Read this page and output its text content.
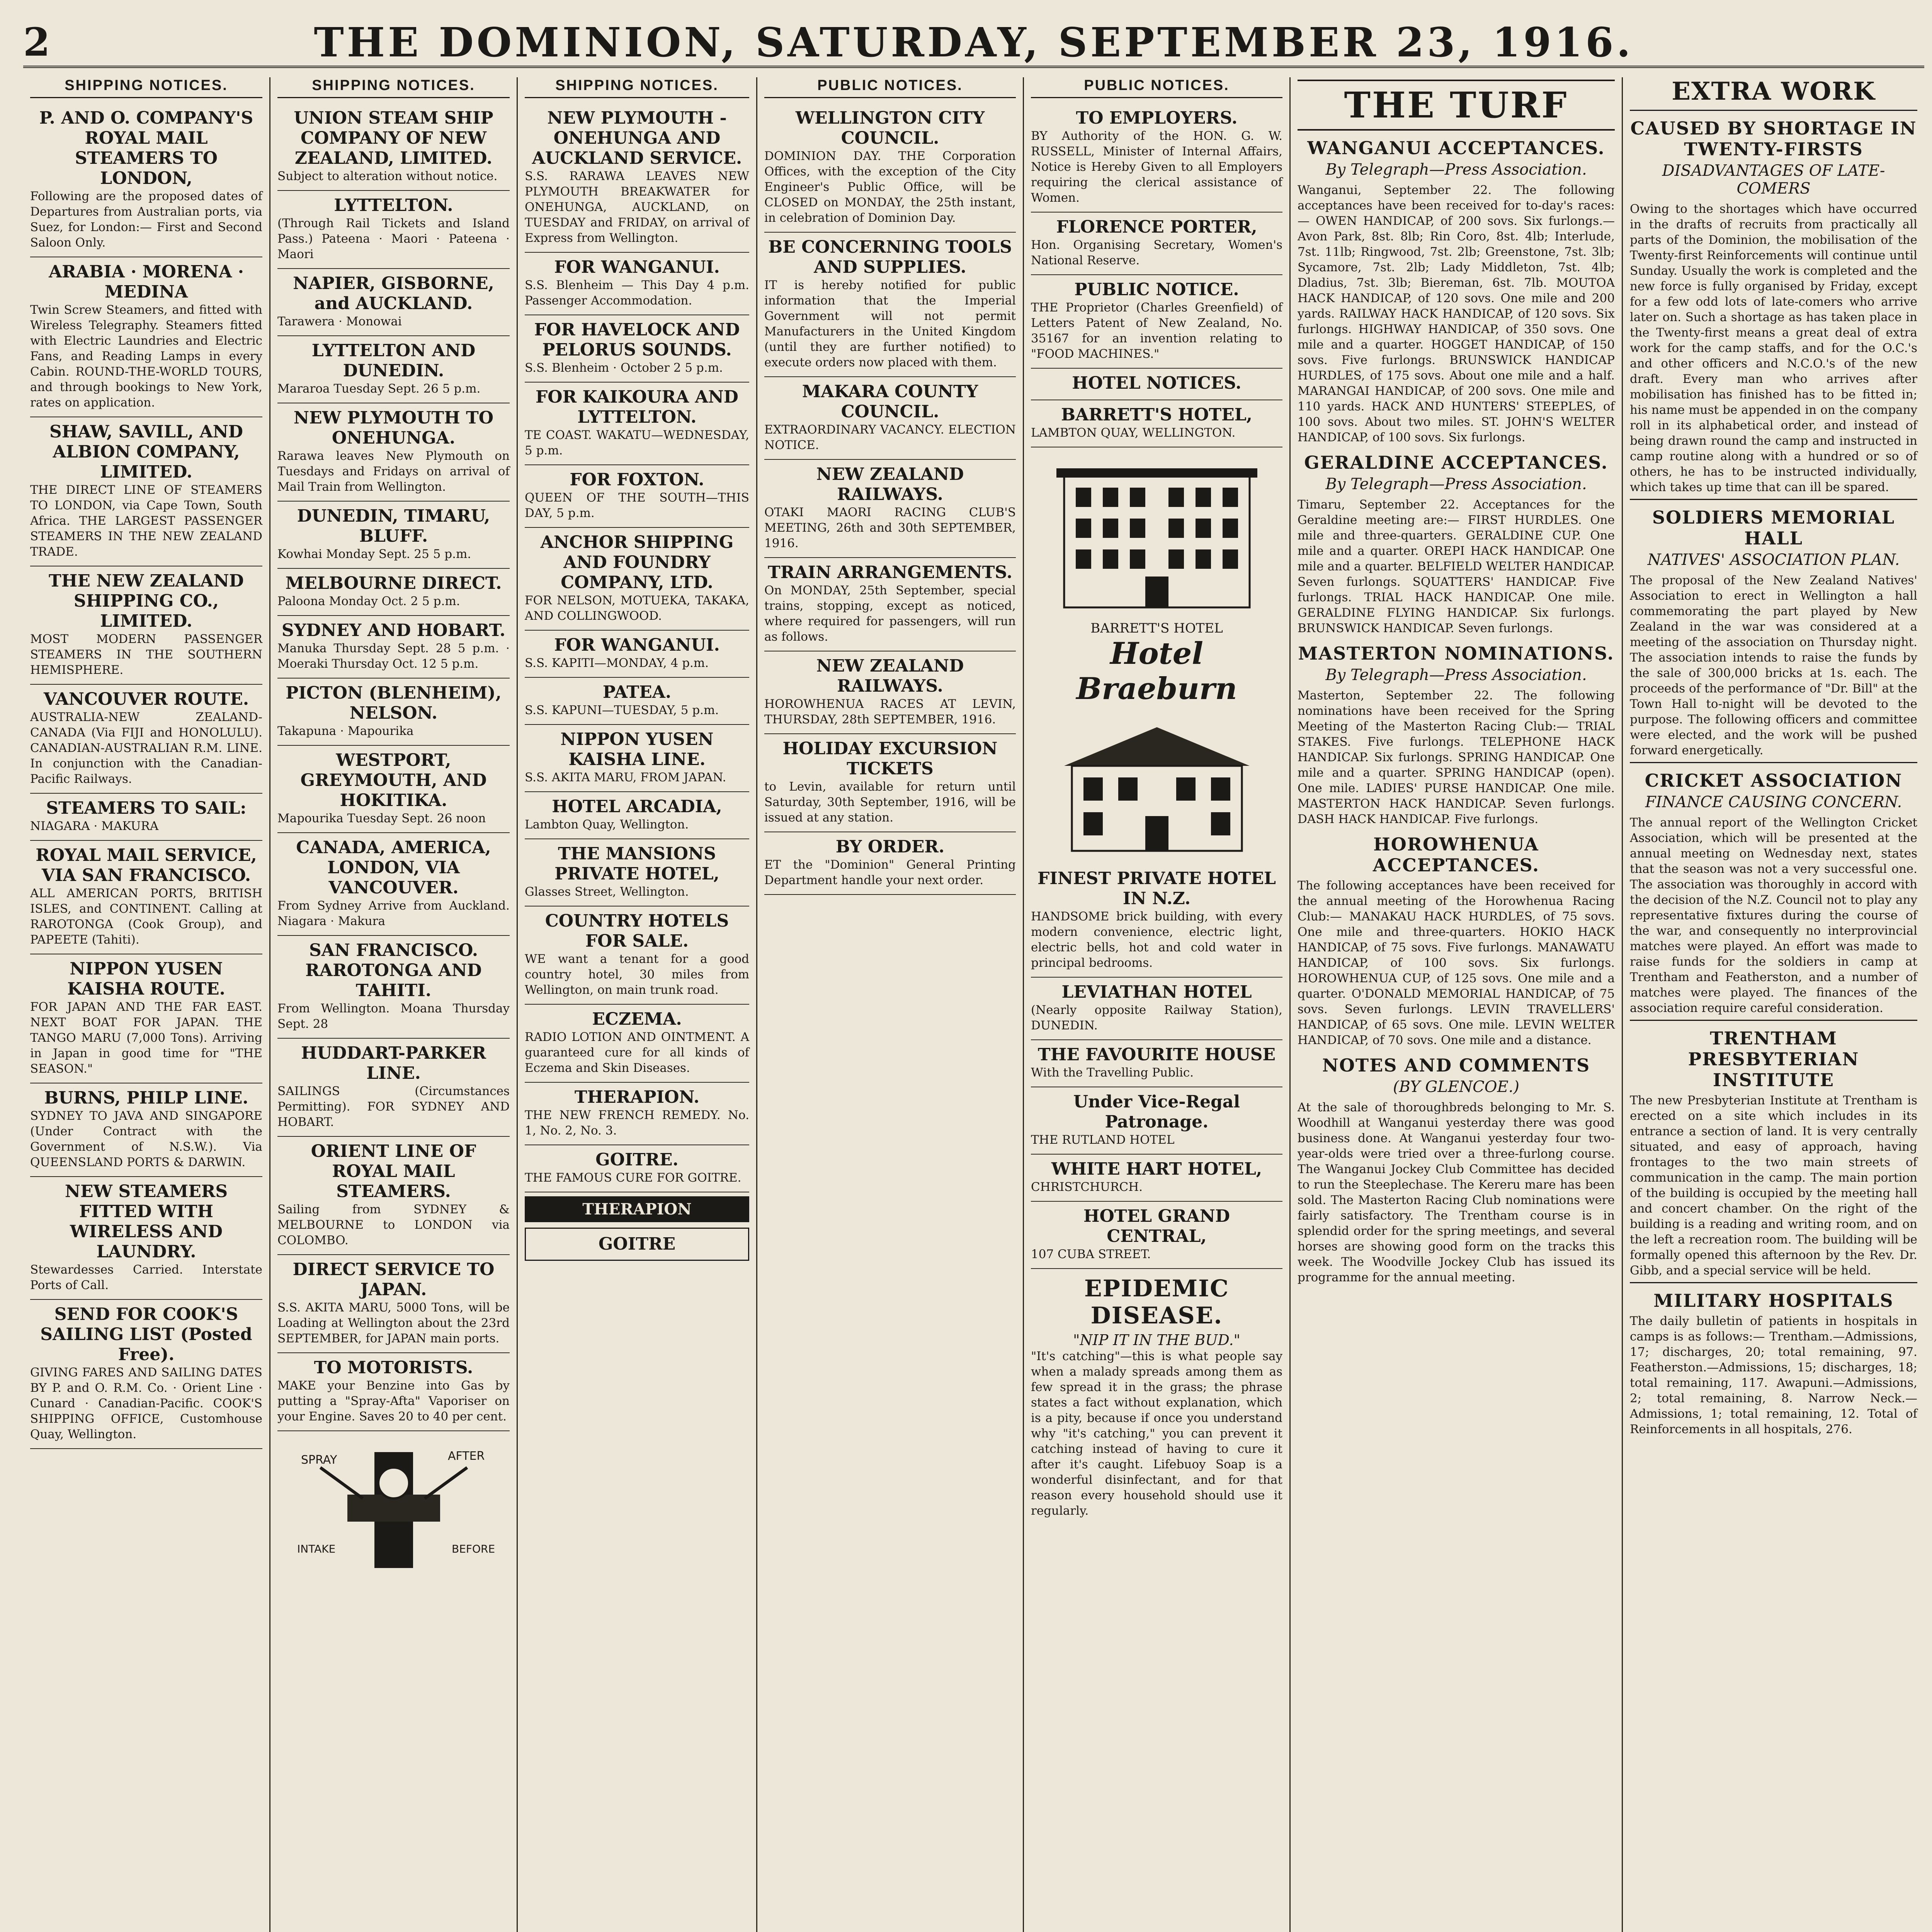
2	THE DOMINION, SATURDAY, SEPTEMBER 23, 1916.
SHIPPING NOTICES.
P. AND O. COMPANY'S ROYAL MAIL STEAMERS TO LONDON,
Following are the proposed dates of Departures from Australian ports, via Suez, for London:— First and Second Saloon Only.
ARABIA · MORENA · MEDINA
Twin Screw Steamers, and fitted with Wireless Telegraphy. Steamers fitted with Electric Laundries and Electric Fans, and Reading Lamps in every Cabin. ROUND-THE-WORLD TOURS, and through bookings to New York, rates on application.
SHAW, SAVILL, AND ALBION COMPANY, LIMITED.
THE DIRECT LINE OF STEAMERS TO LONDON, via Cape Town, South Africa. THE LARGEST PASSENGER STEAMERS IN THE NEW ZEALAND TRADE.
THE NEW ZEALAND SHIPPING CO., LIMITED.
MOST MODERN PASSENGER STEAMERS IN THE SOUTHERN HEMISPHERE.
VANCOUVER ROUTE.
AUSTRALIA-NEW ZEALAND-CANADA (Via FIJI and HONOLULU). CANADIAN-AUSTRALIAN R.M. LINE. In conjunction with the Canadian-Pacific Railways.
STEAMERS TO SAIL:
NIAGARA · MAKURA
ROYAL MAIL SERVICE, VIA SAN FRANCISCO.
ALL AMERICAN PORTS, BRITISH ISLES, and CONTINENT. Calling at RAROTONGA (Cook Group), and PAPEETE (Tahiti).
NIPPON YUSEN KAISHA ROUTE.
FOR JAPAN AND THE FAR EAST. NEXT BOAT FOR JAPAN. THE TANGO MARU (7,000 Tons). Arriving in Japan in good time for "THE SEASON."
BURNS, PHILP LINE.
SYDNEY TO JAVA AND SINGAPORE (Under Contract with the Government of N.S.W.). Via QUEENSLAND PORTS & DARWIN.
NEW STEAMERS FITTED WITH WIRELESS AND LAUNDRY.
Stewardesses Carried. Interstate Ports of Call.
SEND FOR COOK'S SAILING LIST (Posted Free).
GIVING FARES AND SAILING DATES BY P. and O. R.M. Co. · Orient Line · Cunard · Canadian-Pacific. COOK'S SHIPPING OFFICE, Customhouse Quay, Wellington.
SHIPPING NOTICES.
UNION STEAM SHIP COMPANY OF NEW ZEALAND, LIMITED.
Subject to alteration without notice.
LYTTELTON.
(Through Rail Tickets and Island Pass.) Pateena · Maori · Pateena · Maori
NAPIER, GISBORNE, and AUCKLAND.
Tarawera · Monowai
LYTTELTON AND DUNEDIN.
Mararoa Tuesday Sept. 26 5 p.m.
NEW PLYMOUTH TO ONEHUNGA.
Rarawa leaves New Plymouth on Tuesdays and Fridays on arrival of Mail Train from Wellington.
DUNEDIN, TIMARU, BLUFF.
Kowhai Monday Sept. 25 5 p.m.
MELBOURNE DIRECT.
Paloona Monday Oct. 2 5 p.m.
SYDNEY AND HOBART.
Manuka Thursday Sept. 28 5 p.m. · Moeraki Thursday Oct. 12 5 p.m.
PICTON (BLENHEIM), NELSON.
Takapuna · Mapourika
WESTPORT, GREYMOUTH, AND HOKITIKA.
Mapourika Tuesday Sept. 26 noon
CANADA, AMERICA, LONDON, VIA VANCOUVER.
From Sydney Arrive from Auckland. Niagara · Makura
SAN FRANCISCO. RAROTONGA AND TAHITI.
From Wellington. Moana Thursday Sept. 28
HUDDART-PARKER LINE.
SAILINGS (Circumstances Permitting). FOR SYDNEY AND HOBART.
ORIENT LINE OF ROYAL MAIL STEAMERS.
Sailing from SYDNEY & MELBOURNE to LONDON via COLOMBO.
DIRECT SERVICE TO JAPAN.
S.S. AKITA MARU, 5000 Tons, will be Loading at Wellington about the 23rd SEPTEMBER, for JAPAN main ports.
TO MOTORISTS.
MAKE your Benzine into Gas by putting a "Spray-Afta" Vaporiser on your Engine. Saves 20 to 40 per cent.
SPRAY	AFTER
INTAKE	BEFORE
SHIPPING NOTICES.
NEW PLYMOUTH - ONEHUNGA AND AUCKLAND SERVICE.
S.S. RARAWA LEAVES NEW PLYMOUTH BREAKWATER for ONEHUNGA, AUCKLAND, on TUESDAY and FRIDAY, on arrival of Express from Wellington.
FOR WANGANUI.
S.S. Blenheim — This Day 4 p.m. Passenger Accommodation.
FOR HAVELOCK AND PELORUS SOUNDS.
S.S. Blenheim · October 2 5 p.m.
FOR KAIKOURA AND LYTTELTON.
TE COAST. WAKATU—WEDNESDAY, 5 p.m.
FOR FOXTON.
QUEEN OF THE SOUTH—THIS DAY, 5 p.m.
ANCHOR SHIPPING AND FOUNDRY COMPANY, LTD.
FOR NELSON, MOTUEKA, TAKAKA, AND COLLINGWOOD.
FOR WANGANUI.
S.S. KAPITI—MONDAY, 4 p.m.
PATEA.
S.S. KAPUNI—TUESDAY, 5 p.m.
NIPPON YUSEN KAISHA LINE.
S.S. AKITA MARU, FROM JAPAN.
HOTEL ARCADIA,
Lambton Quay, Wellington.
THE MANSIONS PRIVATE HOTEL,
Glasses Street, Wellington.
COUNTRY HOTELS FOR SALE.
WE want a tenant for a good country hotel, 30 miles from Wellington, on main trunk road.
ECZEMA.
RADIO LOTION AND OINTMENT. A guaranteed cure for all kinds of Eczema and Skin Diseases.
THERAPION.
THE NEW FRENCH REMEDY. No. 1, No. 2, No. 3.
GOITRE.
THE FAMOUS CURE FOR GOITRE.
THERAPION
GOITRE
PUBLIC NOTICES.
WELLINGTON CITY COUNCIL.
DOMINION DAY. THE Corporation Offices, with the exception of the City Engineer's Public Office, will be CLOSED on MONDAY, the 25th instant, in celebration of Dominion Day.
BE CONCERNING TOOLS AND SUPPLIES.
IT is hereby notified for public information that the Imperial Government will not permit Manufacturers in the United Kingdom (until they are further notified) to execute orders now placed with them.
MAKARA COUNTY COUNCIL.
EXTRAORDINARY VACANCY. ELECTION NOTICE.
NEW ZEALAND RAILWAYS.
OTAKI MAORI RACING CLUB'S MEETING, 26th and 30th SEPTEMBER, 1916.
TRAIN ARRANGEMENTS.
On MONDAY, 25th September, special trains, stopping, except as noticed, where required for passengers, will run as follows.
NEW ZEALAND RAILWAYS.
HOROWHENUA RACES AT LEVIN, THURSDAY, 28th SEPTEMBER, 1916.
HOLIDAY EXCURSION TICKETS
to Levin, available for return until Saturday, 30th September, 1916, will be issued at any station.
BY ORDER.
ET the "Dominion" General Printing Department handle your next order.
PUBLIC NOTICES.
TO EMPLOYERS.
BY Authority of the HON. G. W. RUSSELL, Minister of Internal Affairs, Notice is Hereby Given to all Employers requiring the clerical assistance of Women.
FLORENCE PORTER,
Hon. Organising Secretary, Women's National Reserve.
PUBLIC NOTICE.
THE Proprietor (Charles Greenfield) of Letters Patent of New Zealand, No. 35167 for an invention relating to "FOOD MACHINES."
HOTEL NOTICES.
BARRETT'S HOTEL,
LAMBTON QUAY, WELLINGTON.
BARRETT'S HOTEL
Hotel Braeburn
FINEST PRIVATE HOTEL IN N.Z.
HANDSOME brick building, with every modern convenience, electric light, electric bells, hot and cold water in principal bedrooms.
LEVIATHAN HOTEL
(Nearly opposite Railway Station), DUNEDIN.
THE FAVOURITE HOUSE
With the Travelling Public.
Under Vice-Regal Patronage.
THE RUTLAND HOTEL
WHITE HART HOTEL,
CHRISTCHURCH.
HOTEL GRAND CENTRAL,
107 CUBA STREET.
EPIDEMIC DISEASE.
"NIP IT IN THE BUD."

"It's catching"—this is what people say when a malady spreads among them as few spread it in the grass; the phrase states a fact without explanation, which is a pity, because if once you understand why "it's catching," you can prevent it catching instead of having to cure it after it's caught. Lifebuoy Soap is a wonderful disinfectant, and for that reason every household should use it regularly.

THE TURF
WANGANUI ACCEPTANCES.
By Telegraph—Press Association.
Wanganui, September 22. The following acceptances have been received for to-day's races:— OWEN HANDICAP, of 200 sovs. Six furlongs.—Avon Park, 8st. 8lb; Rin Coro, 8st. 4lb; Interlude, 7st. 11lb; Ringwood, 7st. 2lb; Greenstone, 7st. 3lb; Sycamore, 7st. 2lb; Lady Middleton, 7st. 4lb; Dladius, 7st. 3lb; Biereman, 6st. 7lb. MOUTOA HACK HANDICAP, of 120 sovs. One mile and 200 yards. RAILWAY HACK HANDICAP, of 120 sovs. Six furlongs. HIGHWAY HANDICAP, of 350 sovs. One mile and a quarter. HOGGET HANDICAP, of 150 sovs. Five furlongs. BRUNSWICK HANDICAP HURDLES, of 175 sovs. About one mile and a half. MARANGAI HANDICAP, of 200 sovs. One mile and 110 yards. HACK AND HUNTERS' STEEPLES, of 100 sovs. About two miles. ST. JOHN'S WELTER HANDICAP, of 100 sovs. Six furlongs.
GERALDINE ACCEPTANCES.
By Telegraph—Press Association.
Timaru, September 22. Acceptances for the Geraldine meeting are:— FIRST HURDLES. One mile and three-quarters. GERALDINE CUP. One mile and a quarter. OREPI HACK HANDICAP. One mile and a quarter. BELFIELD WELTER HANDICAP. Seven furlongs. SQUATTERS' HANDICAP. Five furlongs. TRIAL HACK HANDICAP. One mile. GERALDINE FLYING HANDICAP. Six furlongs. BRUNSWICK HANDICAP. Seven furlongs.
MASTERTON NOMINATIONS.
By Telegraph—Press Association.
Masterton, September 22. The following nominations have been received for the Spring Meeting of the Masterton Racing Club:— TRIAL STAKES. Five furlongs. TELEPHONE HACK HANDICAP. Six furlongs. SPRING HANDICAP. One mile and a quarter. SPRING HANDICAP (open). One mile. LADIES' PURSE HANDICAP. One mile. MASTERTON HACK HANDICAP. Seven furlongs. DASH HACK HANDICAP. Five furlongs.
HOROWHENUA ACCEPTANCES.
The following acceptances have been received for the annual meeting of the Horowhenua Racing Club:— MANAKAU HACK HURDLES, of 75 sovs. One mile and three-quarters. HOKIO HACK HANDICAP, of 75 sovs. Five furlongs. MANAWATU HANDICAP, of 100 sovs. Six furlongs. HOROWHENUA CUP, of 125 sovs. One mile and a quarter. O'DONALD MEMORIAL HANDICAP, of 75 sovs. Seven furlongs. LEVIN TRAVELLERS' HANDICAP, of 65 sovs. One mile. LEVIN WELTER HANDICAP, of 70 sovs. One mile and a distance.
NOTES AND COMMENTS
(BY GLENCOE.)
At the sale of thoroughbreds belonging to Mr. S. Woodhill at Wanganui yesterday there was good business done. At Wanganui yesterday four two-year-olds were tried over a three-furlong course. The Wanganui Jockey Club Committee has decided to run the Steeplechase. The Kereru mare has been sold. The Masterton Racing Club nominations were fairly satisfactory. The Trentham course is in splendid order for the spring meetings, and several horses are showing good form on the tracks this week. The Woodville Jockey Club has issued its programme for the annual meeting.
EXTRA WORK
CAUSED BY SHORTAGE IN TWENTY-FIRSTS
DISADVANTAGES OF LATE-COMERS
Owing to the shortages which have occurred in the drafts of recruits from practically all parts of the Dominion, the mobilisation of the Twenty-first Reinforcements will continue until Sunday. Usually the work is completed and the new force is fully organised by Friday, except for a few odd lots of late-comers who arrive later on. Such a shortage as has taken place in the Twenty-first means a great deal of extra work for the camp staffs, and for the O.C.'s and other officers and N.C.O.'s of the new draft. Every man who arrives after mobilisation has finished has to be fitted in; his name must be appended in on the company roll in its alphabetical order, and instead of being drawn round the camp and instructed in camp routine along with a hundred or so of others, he has to be instructed individually, which takes up time that can ill be spared.
SOLDIERS MEMORIAL HALL
NATIVES' ASSOCIATION PLAN.
The proposal of the New Zealand Natives' Association to erect in Wellington a hall commemorating the part played by New Zealand in the war was considered at a meeting of the association on Thursday night. The association intends to raise the funds by the sale of 300,000 bricks at 1s. each. The proceeds of the performance of "Dr. Bill" at the Town Hall to-night will be devoted to the purpose. The following officers and committee were elected, and the work will be pushed forward energetically.
CRICKET ASSOCIATION
FINANCE CAUSING CONCERN.
The annual report of the Wellington Cricket Association, which will be presented at the annual meeting on Wednesday next, states that the season was not a very successful one. The association was thoroughly in accord with the decision of the N.Z. Council not to play any representative fixtures during the course of the war, and consequently no interprovincial matches were played. An effort was made to raise funds for the soldiers in camp at Trentham and Featherston, and a number of matches were played. The finances of the association require careful consideration.
TRENTHAM PRESBYTERIAN INSTITUTE
The new Presbyterian Institute at Trentham is erected on a site which includes in its entrance a section of land. It is very centrally situated, and easy of approach, having frontages to the two main streets of communication in the camp. The main portion of the building is occupied by the meeting hall and concert chamber. On the right of the building is a reading and writing room, and on the left a recreation room. The building will be formally opened this afternoon by the Rev. Dr. Gibb, and a special service will be held.
MILITARY HOSPITALS
The daily bulletin of patients in hospitals in camps is as follows:— Trentham.—Admissions, 17; discharges, 20; total remaining, 97. Featherston.—Admissions, 15; discharges, 18; total remaining, 117. Awapuni.—Admissions, 2; total remaining, 8. Narrow Neck.—Admissions, 1; total remaining, 12. Total of Reinforcements in all hospitals, 276.
